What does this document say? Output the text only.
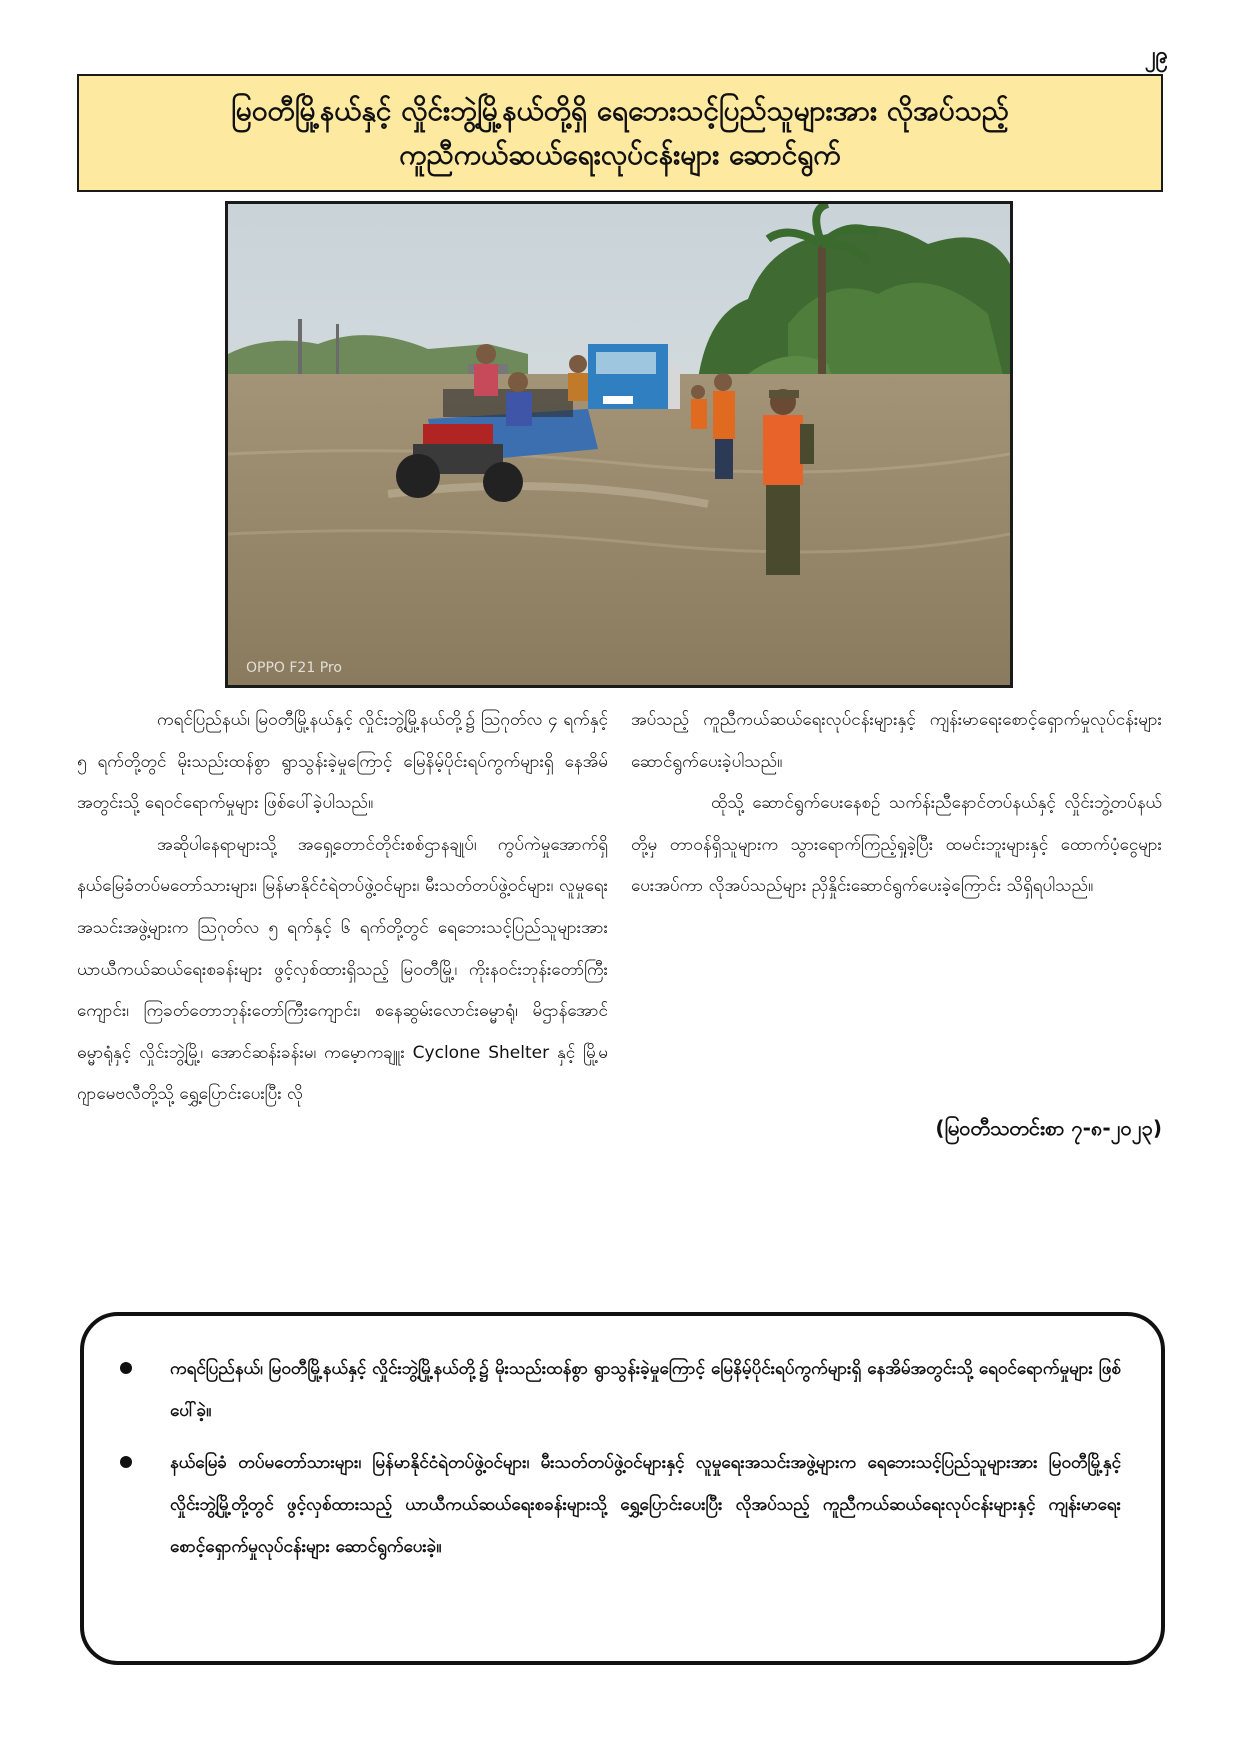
၂၉
မြဝတီမြို့နယ်နှင့် လှိုင်းဘွဲ့မြို့နယ်တို့ရှိ ရေဘေးသင့်ပြည်သူများအား လိုအပ်သည့်
ကူညီကယ်ဆယ်ရေးလုပ်ငန်းများ ဆောင်ရွက်
OPPO F21 Pro

ကရင်ပြည်နယ်၊ မြဝတီမြို့နယ်နှင့် လှိုင်းဘွဲ့မြို့နယ်တို့၌ ဩဂုတ်လ ၄ ရက်နှင့် ၅ ရက်တို့တွင် မိုးသည်းထန်စွာ ရွာသွန်းခဲ့မှုကြောင့် မြေနိမ့်ပိုင်းရပ်ကွက်များရှိ နေအိမ်အတွင်းသို့ ရေဝင်ရောက်မှုများ ဖြစ်ပေါ်ခဲ့ပါသည်။

အဆိုပါနေရာများသို့ အရှေ့တောင်တိုင်းစစ်ဌာနချုပ်၊ ကွပ်ကဲမှုအောက်ရှိ နယ်မြေခံတပ်မတော်သားများ၊ မြန်မာနိုင်ငံရဲတပ်ဖွဲ့ဝင်များ၊ မီးသတ်တပ်ဖွဲ့ဝင်များ၊ လူမှုရေးအသင်းအဖွဲ့များက ဩဂုတ်လ ၅ ရက်နှင့် ၆ ရက်တို့တွင် ရေဘေးသင့်ပြည်သူများအား ယာယီကယ်ဆယ်ရေးစခန်းများ ဖွင့်လှစ်ထားရှိသည့် မြဝတီမြို့၊ ကိုးနဝင်းဘုန်းတော်ကြီးကျောင်း၊ ကြခတ်တောဘုန်းတော်ကြီးကျောင်း၊ စနေဆွမ်းလောင်းဓမ္မာရုံ၊ မိဌာန်အောင်ဓမ္မာရုံနှင့် လှိုင်းဘွဲ့မြို့၊ အောင်ဆန်းခန်းမ၊ ကမေ့ာကချူး Cyclone Shelter နှင့် မြို့မဂျာမေဗလီတို့သို့ ရွှေ့ပြောင်းပေးပြီး လို

အပ်သည့် ကူညီကယ်ဆယ်ရေးလုပ်ငန်းများနှင့် ကျန်းမာရေးစောင့်ရှောက်မှုလုပ်ငန်းများ ဆောင်ရွက်ပေးခဲ့ပါသည်။

ထိုသို့ ဆောင်ရွက်ပေးနေစဉ် သက်န်းညီနောင်တပ်နယ်နှင့် လှိုင်းဘွဲ့တပ်နယ်တို့မှ တာဝန်ရှိသူများက သွားရောက်ကြည့်ရှုခဲ့ပြီး ထမင်းဘူးများနှင့် ထောက်ပံ့ငွေများပေးအပ်ကာ လိုအပ်သည်များ ညှိနှိုင်းဆောင်ရွက်ပေးခဲ့ကြောင်း သိရှိရပါသည်။

(မြဝတီသတင်းစာ ၇-၈-၂၀၂၃)
ကရင်ပြည်နယ်၊ မြဝတီမြို့နယ်နှင့် လှိုင်းဘွဲ့မြို့နယ်တို့၌ မိုးသည်းထန်စွာ ရွာသွန်းခဲ့မှုကြောင့် မြေနိမ့်ပိုင်းရပ်ကွက်များရှိ နေအိမ်အတွင်းသို့ ရေဝင်ရောက်မှုများ ဖြစ်ပေါ်ခဲ့။
နယ်မြေခံ တပ်မတော်သားများ၊ မြန်မာနိုင်ငံရဲတပ်ဖွဲ့ဝင်များ၊ မီးသတ်တပ်ဖွဲ့ဝင်များနှင့် လူမှုရေးအသင်းအဖွဲ့များက ရေဘေးသင့်ပြည်သူများအား မြဝတီမြို့နှင့် လှိုင်းဘွဲ့မြို့တို့တွင် ဖွင့်လှစ်ထားသည့် ယာယီကယ်ဆယ်ရေးစခန်းများသို့ ရွှေ့ပြောင်းပေးပြီး လိုအပ်သည့် ကူညီကယ်ဆယ်ရေးလုပ်ငန်းများနှင့် ကျန်းမာရေးစောင့်ရှောက်မှုလုပ်ငန်းများ ဆောင်ရွက်ပေးခဲ့။
